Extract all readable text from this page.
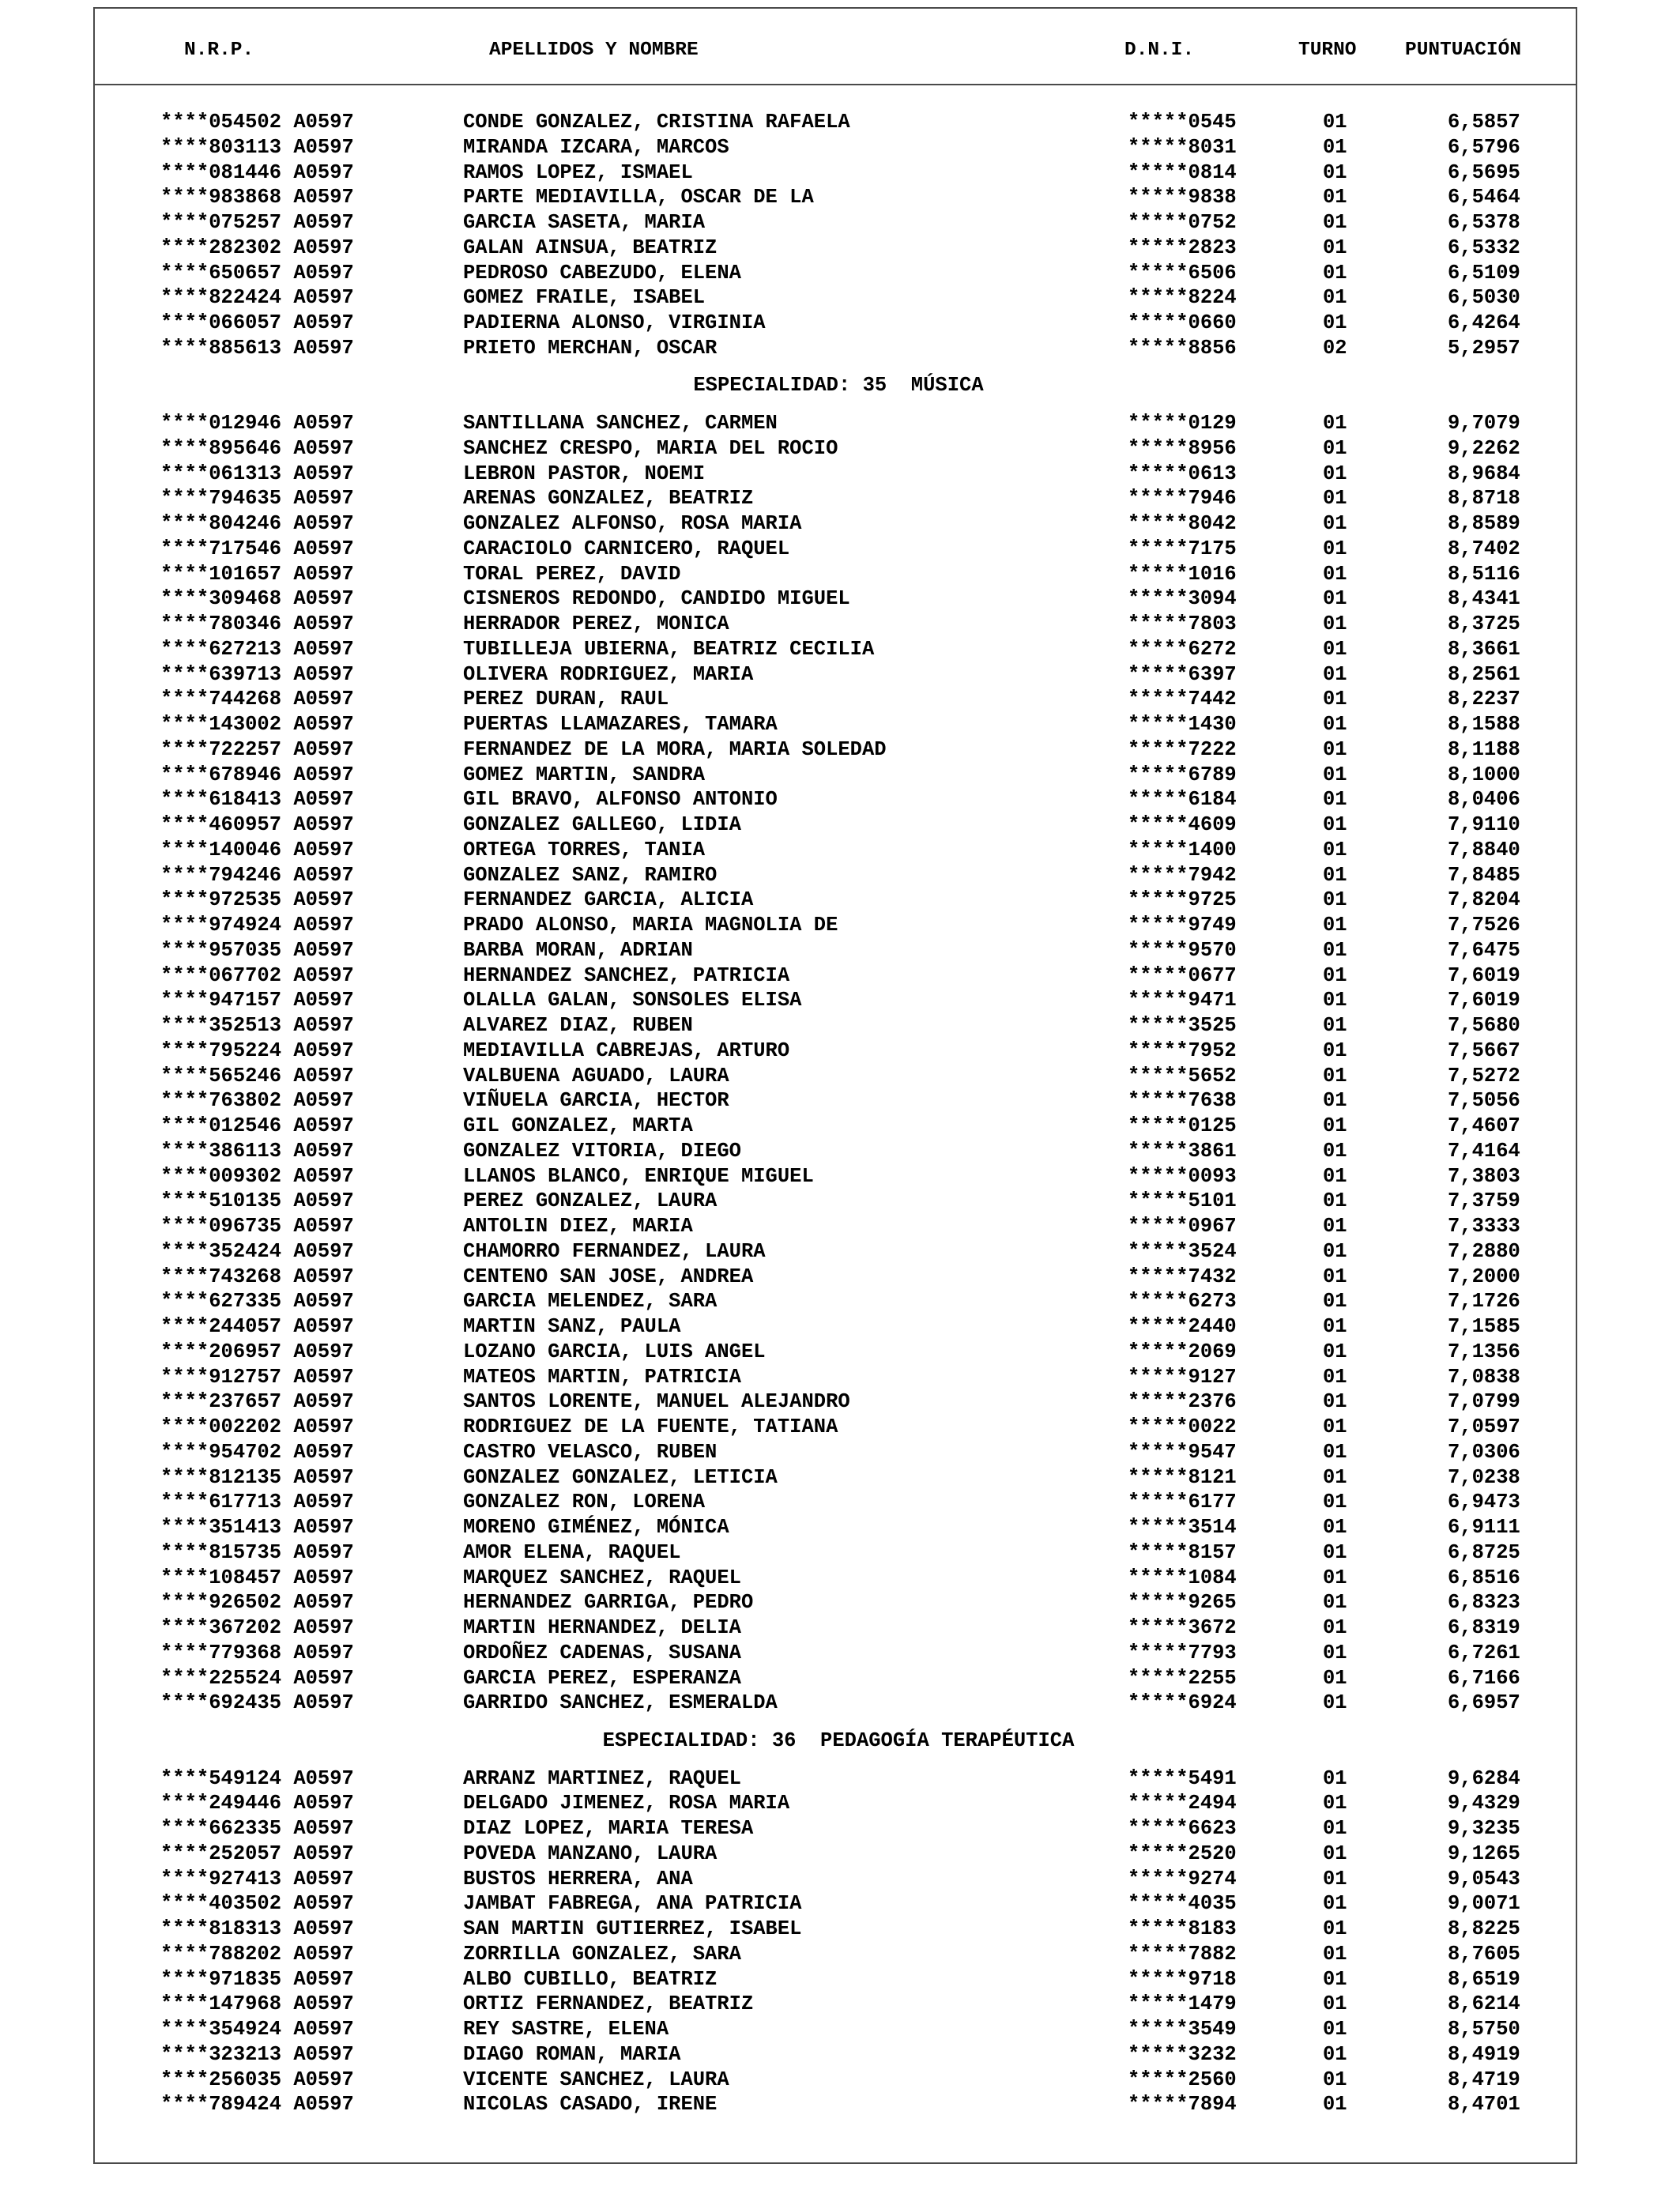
N.R.P.	APELLIDOS Y NOMBRE	D.N.I.	TURNO	PUNTUACIÓN
****054502 A0597	CONDE GONZALEZ, CRISTINA RAFAELA	*****0545	01	6,5857
****803113 A0597	MIRANDA IZCARA, MARCOS	*****8031	01	6,5796
****081446 A0597	RAMOS LOPEZ, ISMAEL	*****0814	01	6,5695
****983868 A0597	PARTE MEDIAVILLA, OSCAR DE LA	*****9838	01	6,5464
****075257 A0597	GARCIA SASETA, MARIA	*****0752	01	6,5378
****282302 A0597	GALAN AINSUA, BEATRIZ	*****2823	01	6,5332
****650657 A0597	PEDROSO CABEZUDO, ELENA	*****6506	01	6,5109
****822424 A0597	GOMEZ FRAILE, ISABEL	*****8224	01	6,5030
****066057 A0597	PADIERNA ALONSO, VIRGINIA	*****0660	01	6,4264
****885613 A0597	PRIETO MERCHAN, OSCAR	*****8856	02	5,2957
ESPECIALIDAD: 35  MÚSICA
****012946 A0597	SANTILLANA SANCHEZ, CARMEN	*****0129	01	9,7079
****895646 A0597	SANCHEZ CRESPO, MARIA DEL ROCIO	*****8956	01	9,2262
****061313 A0597	LEBRON PASTOR, NOEMI	*****0613	01	8,9684
****794635 A0597	ARENAS GONZALEZ, BEATRIZ	*****7946	01	8,8718
****804246 A0597	GONZALEZ ALFONSO, ROSA MARIA	*****8042	01	8,8589
****717546 A0597	CARACIOLO CARNICERO, RAQUEL	*****7175	01	8,7402
****101657 A0597	TORAL PEREZ, DAVID	*****1016	01	8,5116
****309468 A0597	CISNEROS REDONDO, CANDIDO MIGUEL	*****3094	01	8,4341
****780346 A0597	HERRADOR PEREZ, MONICA	*****7803	01	8,3725
****627213 A0597	TUBILLEJA UBIERNA, BEATRIZ CECILIA	*****6272	01	8,3661
****639713 A0597	OLIVERA RODRIGUEZ, MARIA	*****6397	01	8,2561
****744268 A0597	PEREZ DURAN, RAUL	*****7442	01	8,2237
****143002 A0597	PUERTAS LLAMAZARES, TAMARA	*****1430	01	8,1588
****722257 A0597	FERNANDEZ DE LA MORA, MARIA SOLEDAD	*****7222	01	8,1188
****678946 A0597	GOMEZ MARTIN, SANDRA	*****6789	01	8,1000
****618413 A0597	GIL BRAVO, ALFONSO ANTONIO	*****6184	01	8,0406
****460957 A0597	GONZALEZ GALLEGO, LIDIA	*****4609	01	7,9110
****140046 A0597	ORTEGA TORRES, TANIA	*****1400	01	7,8840
****794246 A0597	GONZALEZ SANZ, RAMIRO	*****7942	01	7,8485
****972535 A0597	FERNANDEZ GARCIA, ALICIA	*****9725	01	7,8204
****974924 A0597	PRADO ALONSO, MARIA MAGNOLIA DE	*****9749	01	7,7526
****957035 A0597	BARBA MORAN, ADRIAN	*****9570	01	7,6475
****067702 A0597	HERNANDEZ SANCHEZ, PATRICIA	*****0677	01	7,6019
****947157 A0597	OLALLA GALAN, SONSOLES ELISA	*****9471	01	7,6019
****352513 A0597	ALVAREZ DIAZ, RUBEN	*****3525	01	7,5680
****795224 A0597	MEDIAVILLA CABREJAS, ARTURO	*****7952	01	7,5667
****565246 A0597	VALBUENA AGUADO, LAURA	*****5652	01	7,5272
****763802 A0597	VIÑUELA GARCIA, HECTOR	*****7638	01	7,5056
****012546 A0597	GIL GONZALEZ, MARTA	*****0125	01	7,4607
****386113 A0597	GONZALEZ VITORIA, DIEGO	*****3861	01	7,4164
****009302 A0597	LLANOS BLANCO, ENRIQUE MIGUEL	*****0093	01	7,3803
****510135 A0597	PEREZ GONZALEZ, LAURA	*****5101	01	7,3759
****096735 A0597	ANTOLIN DIEZ, MARIA	*****0967	01	7,3333
****352424 A0597	CHAMORRO FERNANDEZ, LAURA	*****3524	01	7,2880
****743268 A0597	CENTENO SAN JOSE, ANDREA	*****7432	01	7,2000
****627335 A0597	GARCIA MELENDEZ, SARA	*****6273	01	7,1726
****244057 A0597	MARTIN SANZ, PAULA	*****2440	01	7,1585
****206957 A0597	LOZANO GARCIA, LUIS ANGEL	*****2069	01	7,1356
****912757 A0597	MATEOS MARTIN, PATRICIA	*****9127	01	7,0838
****237657 A0597	SANTOS LORENTE, MANUEL ALEJANDRO	*****2376	01	7,0799
****002202 A0597	RODRIGUEZ DE LA FUENTE, TATIANA	*****0022	01	7,0597
****954702 A0597	CASTRO VELASCO, RUBEN	*****9547	01	7,0306
****812135 A0597	GONZALEZ GONZALEZ, LETICIA	*****8121	01	7,0238
****617713 A0597	GONZALEZ RON, LORENA	*****6177	01	6,9473
****351413 A0597	MORENO GIMÉNEZ, MÓNICA	*****3514	01	6,9111
****815735 A0597	AMOR ELENA, RAQUEL	*****8157	01	6,8725
****108457 A0597	MARQUEZ SANCHEZ, RAQUEL	*****1084	01	6,8516
****926502 A0597	HERNANDEZ GARRIGA, PEDRO	*****9265	01	6,8323
****367202 A0597	MARTIN HERNANDEZ, DELIA	*****3672	01	6,8319
****779368 A0597	ORDOÑEZ CADENAS, SUSANA	*****7793	01	6,7261
****225524 A0597	GARCIA PEREZ, ESPERANZA	*****2255	01	6,7166
****692435 A0597	GARRIDO SANCHEZ, ESMERALDA	*****6924	01	6,6957
ESPECIALIDAD: 36  PEDAGOGÍA TERAPÉUTICA
****549124 A0597	ARRANZ MARTINEZ, RAQUEL	*****5491	01	9,6284
****249446 A0597	DELGADO JIMENEZ, ROSA MARIA	*****2494	01	9,4329
****662335 A0597	DIAZ LOPEZ, MARIA TERESA	*****6623	01	9,3235
****252057 A0597	POVEDA MANZANO, LAURA	*****2520	01	9,1265
****927413 A0597	BUSTOS HERRERA, ANA	*****9274	01	9,0543
****403502 A0597	JAMBAT FABREGA, ANA PATRICIA	*****4035	01	9,0071
****818313 A0597	SAN MARTIN GUTIERREZ, ISABEL	*****8183	01	8,8225
****788202 A0597	ZORRILLA GONZALEZ, SARA	*****7882	01	8,7605
****971835 A0597	ALBO CUBILLO, BEATRIZ	*****9718	01	8,6519
****147968 A0597	ORTIZ FERNANDEZ, BEATRIZ	*****1479	01	8,6214
****354924 A0597	REY SASTRE, ELENA	*****3549	01	8,5750
****323213 A0597	DIAGO ROMAN, MARIA	*****3232	01	8,4919
****256035 A0597	VICENTE SANCHEZ, LAURA	*****2560	01	8,4719
****789424 A0597	NICOLAS CASADO, IRENE	*****7894	01	8,4701
